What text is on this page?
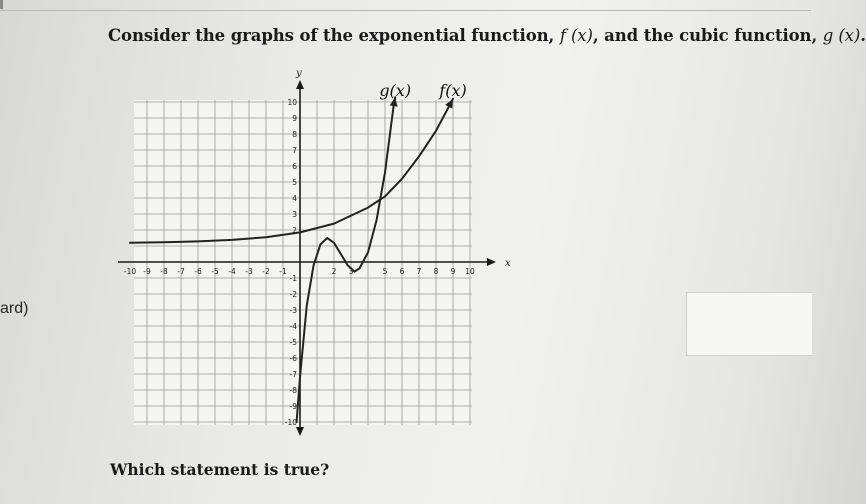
Consider the graphs of the exponential function, f (x), and the cubic function, g (x).
ard)
-10 -9 -8 -7 -6 -5 -4 -3 -2 -1	2 3	5 6 7 8 9 10
10
9
8
7
6
5
4
3
2
-1
-2
-3
-4
-5
-6
-7
-8
-9
-10
x
y
f(x)
g(x)
Which statement is true?
